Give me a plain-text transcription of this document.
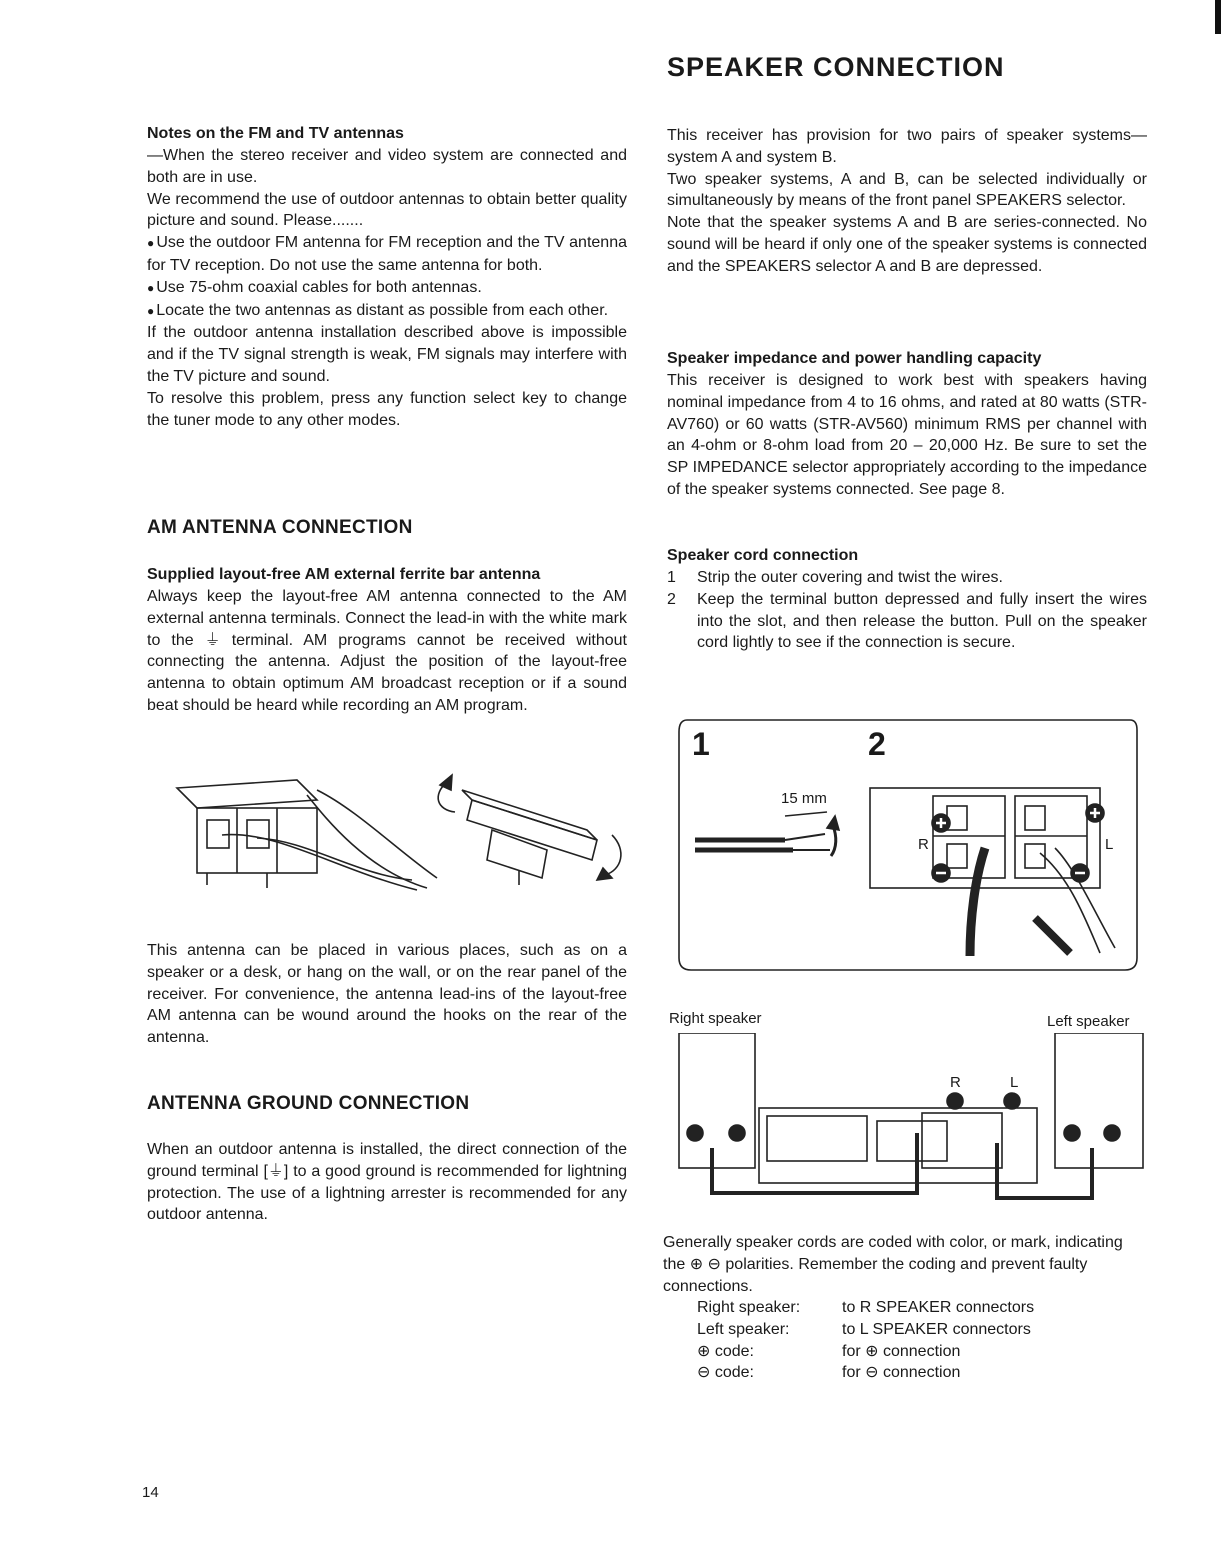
SPEAKER CONNECTION
Notes on the FM and TV antennas

—When the stereo receiver and video system are connected and both are in use.

We recommend the use of outdoor antennas to obtain better quality picture and sound. Please.......

● Use the outdoor FM antenna for FM reception and the TV antenna for TV reception. Do not use the same antenna for both.

● Use 75-ohm coaxial cables for both antennas.

● Locate the two antennas as distant as possible from each other.

If the outdoor antenna installation described above is impossible and if the TV signal strength is weak, FM signals may interfere with the TV picture and sound.

To resolve this problem, press any function select key to change the tuner mode to any other modes.

AM ANTENNA CONNECTION
Supplied layout-free AM external ferrite bar antenna

Always keep the layout-free AM antenna connected to the AM external antenna terminals. Connect the lead-in with the white mark to the ⏚ terminal. AM programs cannot be received without connecting the antenna. Adjust the position of the layout-free antenna to obtain optimum AM broadcast reception or if a sound beat should be heard while recording an AM program.

This antenna can be placed in various places, such as on a speaker or a desk, or hang on the wall, or on the rear panel of the receiver. For convenience, the antenna lead-ins of the layout-free AM antenna can be wound around the hooks on the rear of the antenna.

ANTENNA GROUND CONNECTION

When an outdoor antenna is installed, the direct connection of the ground terminal [⏚] to a good ground is recommended for lightning protection. The use of a lightning arrester is recommended for any outdoor antenna.

This receiver has provision for two pairs of speaker systems—system A and system B.

Two speaker systems, A and B, can be selected individually or simultaneously by means of the front panel SPEAKERS selector.

Note that the speaker systems A and B are series-connected. No sound will be heard if only one of the speaker systems is connected and the SPEAKERS selector A and B are depressed.

Speaker impedance and power handling capacity

This receiver is designed to work best with speakers having nominal impedance from 4 to 16 ohms, and rated at 80 watts (STR-AV760) or 60 watts (STR-AV560) minimum RMS per channel with an 4-ohm or 8-ohm load from 20 – 20,000 Hz. Be sure to set the SP IMPEDANCE selector appropriately according to the impedance of the speaker systems connected. See page 8.

Speaker cord connection
1	Strip the outer covering and twist the wires.
2	Keep the terminal button depressed and fully insert the wires into the slot, and then release the button. Pull on the speaker cord lightly to see if the connection is secure.
1	2
15 mm
R	L
Right speaker	Left speaker
R	L

Generally speaker cords are coded with color, or mark, indicating the ⊕ ⊖ polarities. Remember the coding and prevent faulty connections.

Right speaker:	to R SPEAKER connectors
Left speaker:	to L SPEAKER connectors
⊕ code:	for ⊕ connection
⊖ code:	for ⊖ connection
14
